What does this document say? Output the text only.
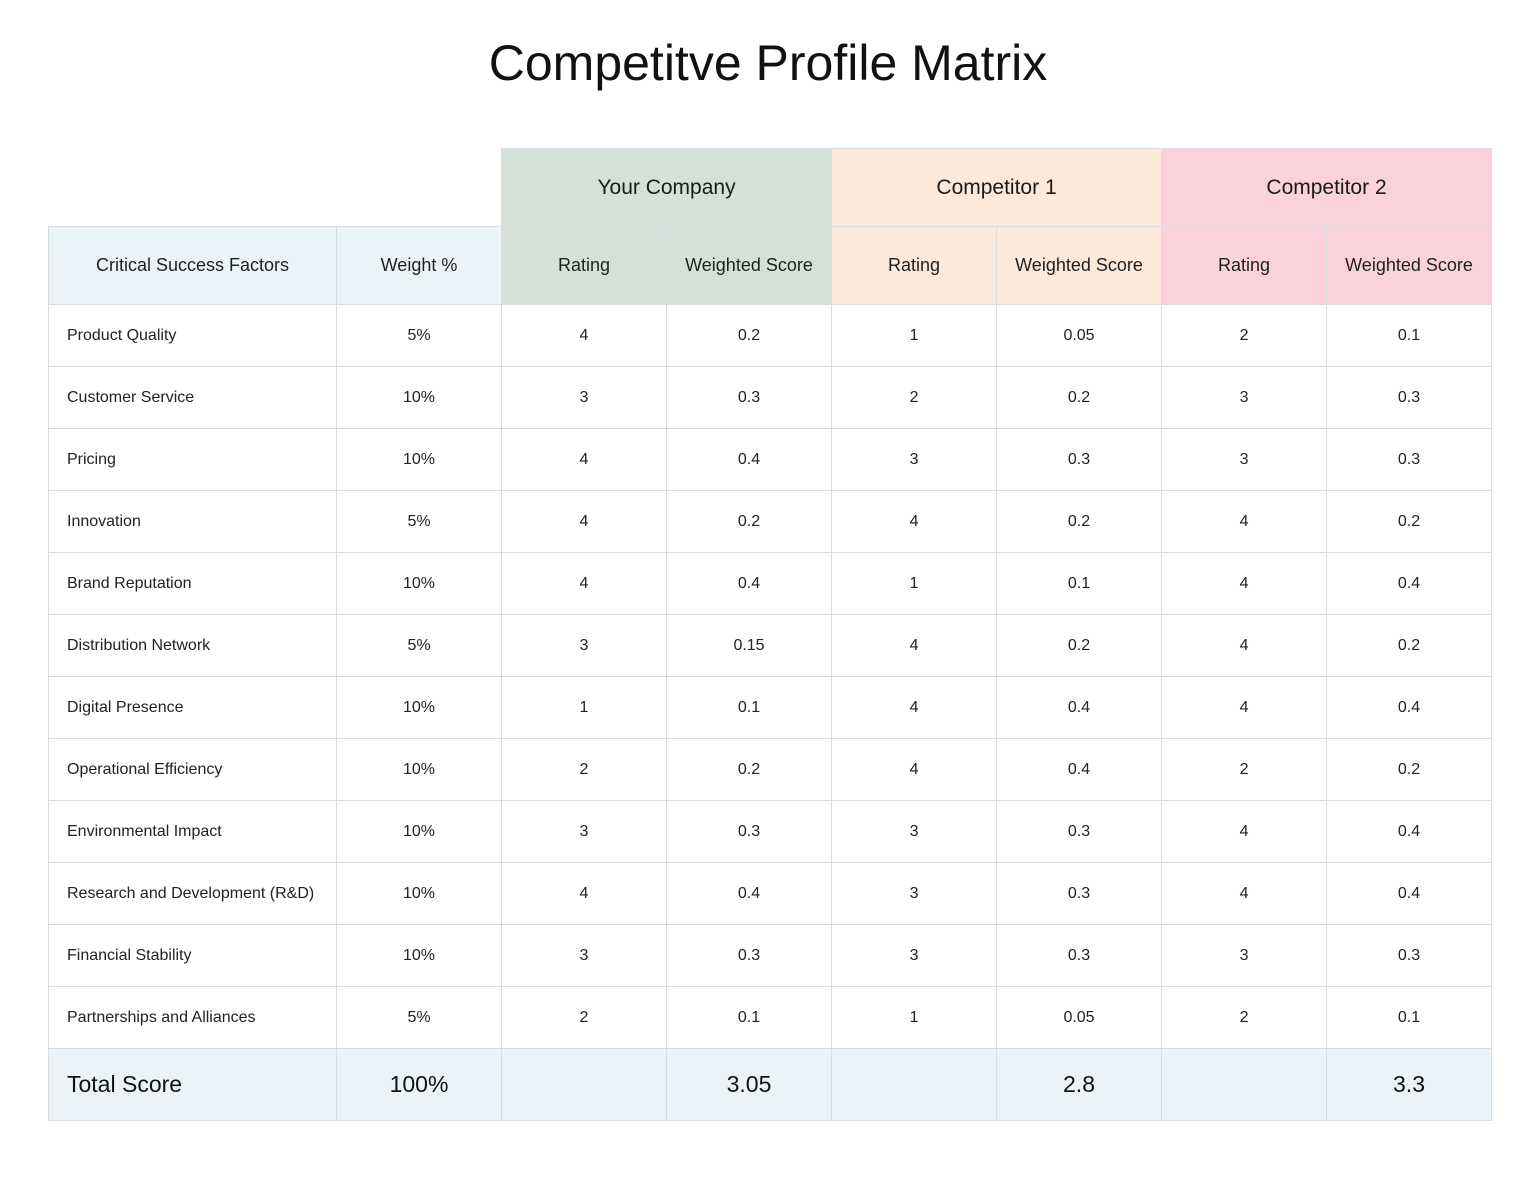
Competitve Profile Matrix
		Your Company		Competitor 1		Competitor 2	
Critical Success Factors	Weight %	Rating	Weighted Score	Rating	Weighted Score	Rating	Weighted Score
Product Quality	5%	4	0.2	1	0.05	2	0.1
Customer Service	10%	3	0.3	2	0.2	3	0.3
Pricing	10%	4	0.4	3	0.3	3	0.3
Innovation	5%	4	0.2	4	0.2	4	0.2
Brand Reputation	10%	4	0.4	1	0.1	4	0.4
Distribution Network	5%	3	0.15	4	0.2	4	0.2
Digital Presence	10%	1	0.1	4	0.4	4	0.4
Operational Efficiency	10%	2	0.2	4	0.4	2	0.2
Environmental Impact	10%	3	0.3	3	0.3	4	0.4
Research and Development (R&D)	10%	4	0.4	3	0.3	4	0.4
Financial Stability	10%	3	0.3	3	0.3	3	0.3
Partnerships and Alliances	5%	2	0.1	1	0.05	2	0.1
Total Score	100%		3.05		2.8		3.3
